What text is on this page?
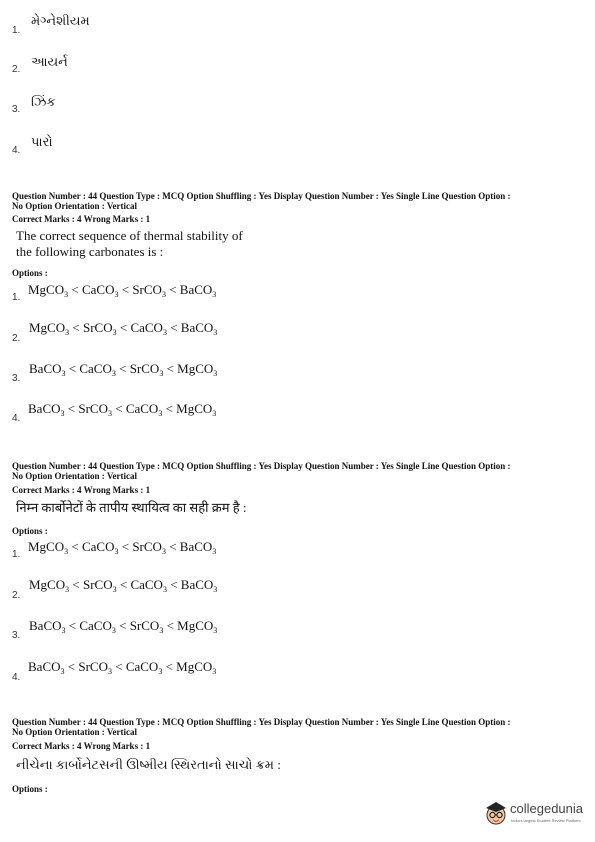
1.
મેગ્નેશીયમ
2.
આયર્ન
3.
ઝિંક
4.
પારો
Question Number : 44 Question Type : MCQ Option Shuffling : Yes Display Question Number : Yes Single Line Question Option :
No Option Orientation : Vertical
Correct Marks : 4 Wrong Marks : 1
The correct sequence of thermal stability of
the following carbonates is :
Options :
1.
MgCO$_3$ < CaCO$_3$ < SrCO$_3$ < BaCO$_3$
2.
MgCO$_3$ < SrCO$_3$ < CaCO$_3$ < BaCO$_3$
3.
BaCO$_3$ < CaCO$_3$ < SrCO$_3$ < MgCO$_3$
4.
BaCO$_3$ < SrCO$_3$ < CaCO$_3$ < MgCO$_3$
Question Number : 44 Question Type : MCQ Option Shuffling : Yes Display Question Number : Yes Single Line Question Option :
No Option Orientation : Vertical
Correct Marks : 4 Wrong Marks : 1
निम्न कार्बोनेटों के तापीय स्थायित्व का सही क्रम है :
Options :
1.
MgCO$_3$ < CaCO$_3$ < SrCO$_3$ < BaCO$_3$
2.
MgCO$_3$ < SrCO$_3$ < CaCO$_3$ < BaCO$_3$
3.
BaCO$_3$ < CaCO$_3$ < SrCO$_3$ < MgCO$_3$
4.
BaCO$_3$ < SrCO$_3$ < CaCO$_3$ < MgCO$_3$
Question Number : 44 Question Type : MCQ Option Shuffling : Yes Display Question Number : Yes Single Line Question Option :
No Option Orientation : Vertical
Correct Marks : 4 Wrong Marks : 1
નીચેના કાર્બોનેટસની ઊષ્મીય સ્થિરતાનો સાચો ક્રમ :
Options :
collegedunia
India's largest Student Review Platform
